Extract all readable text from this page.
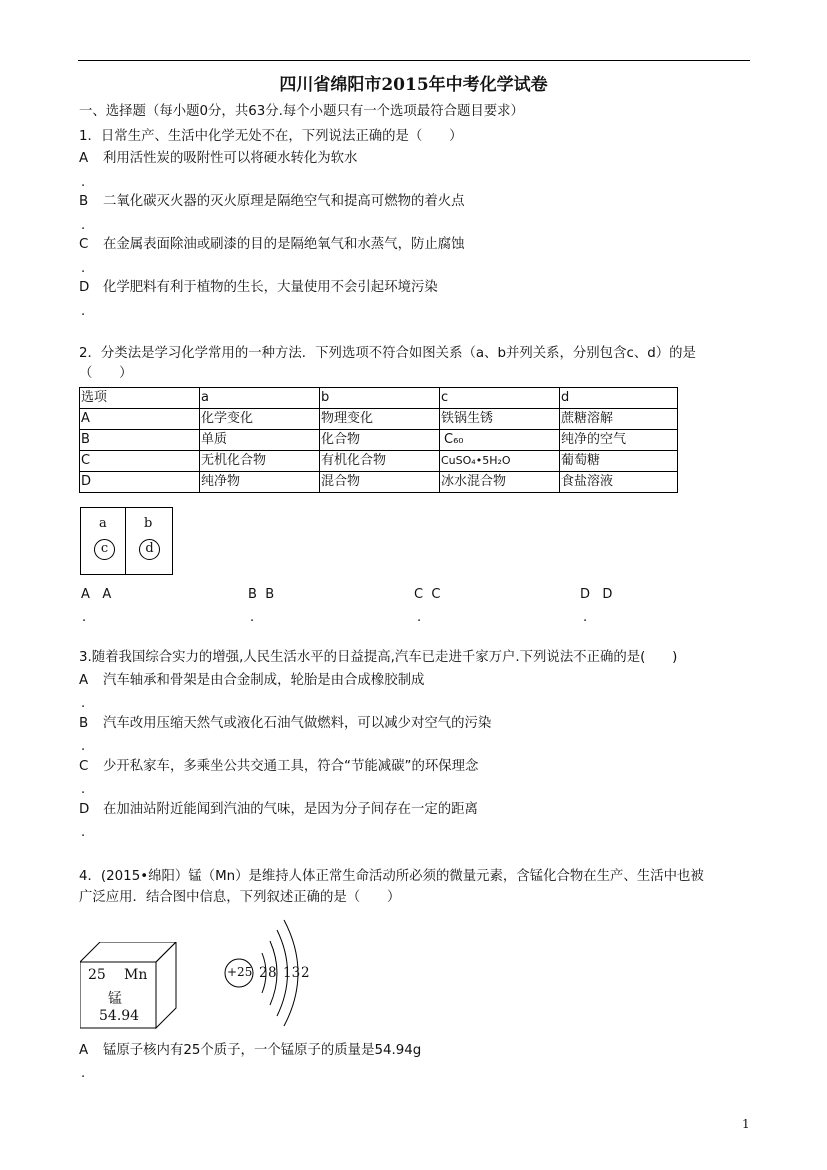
四川省绵阳市2015年中考化学试卷
一、选择题（每小题0分，共63分.每个小题只有一个选项最符合题目要求）
1．日常生产、生活中化学无处不在，下列说法正确的是（　　）
A 利用活性炭的吸附性可以将硬水转化为软水
.
B 二氧化碳灭火器的灭火原理是隔绝空气和提高可燃物的着火点
.
C 在金属表面除油或刷漆的目的是隔绝氧气和水蒸气，防止腐蚀
.
D 化学肥料有利于植物的生长，大量使用不会引起环境污染
.
2．分类法是学习化学常用的一种方法．下列选项不符合如图关系（a、b并列关系，分别包含c、d）的是
（　　）
选项	a	b	c	d
A	化学变化	物理变化	铁锅生锈	蔗糖溶解
B	单质	化合物	C₆₀	纯净的空气
C	无机化合物	有机化合物	CuSO₄•5H₂O	葡萄糖
D	纯净物	混合物	冰水混合物	食盐溶液
a	b
c	d
A A	B B	C C	D D
.	.	.	.
3.随着我国综合实力的增强,人民生活水平的日益提高,汽车已走进千家万户.下列说法不正确的是(　　)
A 汽车轴承和骨架是由合金制成，轮胎是由合成橡胶制成
.
B 汽车改用压缩天然气或液化石油气做燃料，可以减少对空气的污染
.
C 少开私家车，多乘坐公共交通工具，符合“节能减碳”的环保理念
.
D 在加油站附近能闻到汽油的气味，是因为分子间存在一定的距离
.
4．(2015•绵阳）锰（Mn）是维持人体正常生命活动所必须的微量元素，含锰化合物在生产、生活中也被
广泛应用．结合图中信息，下列叙述正确的是（　　）
25 Mn
锰
54.94
+25 2 8 13 2
A 锰原子核内有25个质子，一个锰原子的质量是54.94g
.
1
